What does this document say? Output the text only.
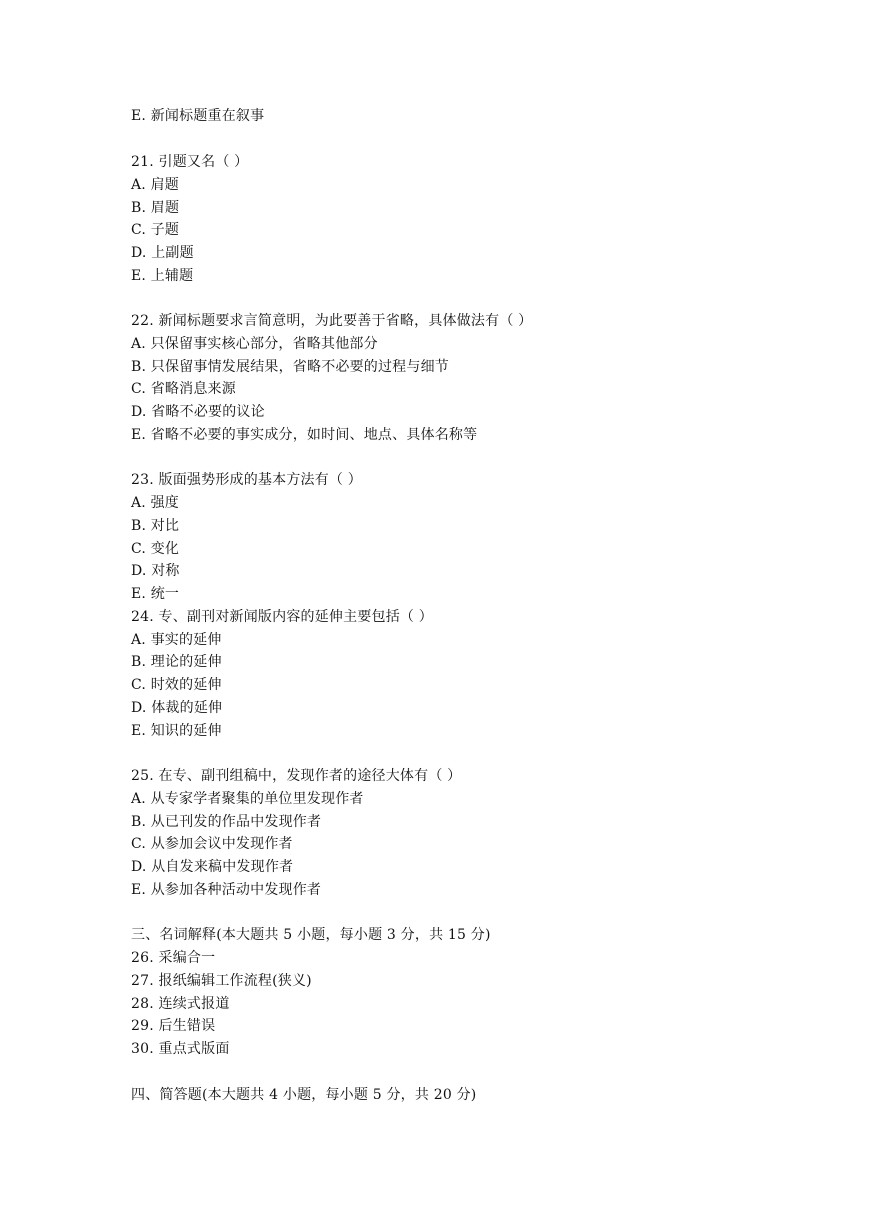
E. 新闻标题重在叙事
21. 引题又名（ ）
A. 肩题
B. 眉题
C. 子题
D. 上副题
E. 上辅题
22. 新闻标题要求言简意明，为此要善于省略，具体做法有（ ）
A. 只保留事实核心部分，省略其他部分
B. 只保留事情发展结果，省略不必要的过程与细节
C. 省略消息来源
D. 省略不必要的议论
E. 省略不必要的事实成分，如时间、地点、具体名称等
23. 版面强势形成的基本方法有（ ）
A. 强度
B. 对比
C. 变化
D. 对称
E. 统一
24. 专、副刊对新闻版内容的延伸主要包括（ ）
A. 事实的延伸
B. 理论的延伸
C. 时效的延伸
D. 体裁的延伸
E. 知识的延伸
25. 在专、副刊组稿中，发现作者的途径大体有（ ）
A. 从专家学者聚集的单位里发现作者
B. 从已刊发的作品中发现作者
C. 从参加会议中发现作者
D. 从自发来稿中发现作者
E. 从参加各种活动中发现作者
三、名词解释(本大题共 5 小题，每小题 3 分，共 15 分)
26. 采编合一
27. 报纸编辑工作流程(狭义)
28. 连续式报道
29. 后生错误
30. 重点式版面
四、简答题(本大题共 4 小题，每小题 5 分，共 20 分)
